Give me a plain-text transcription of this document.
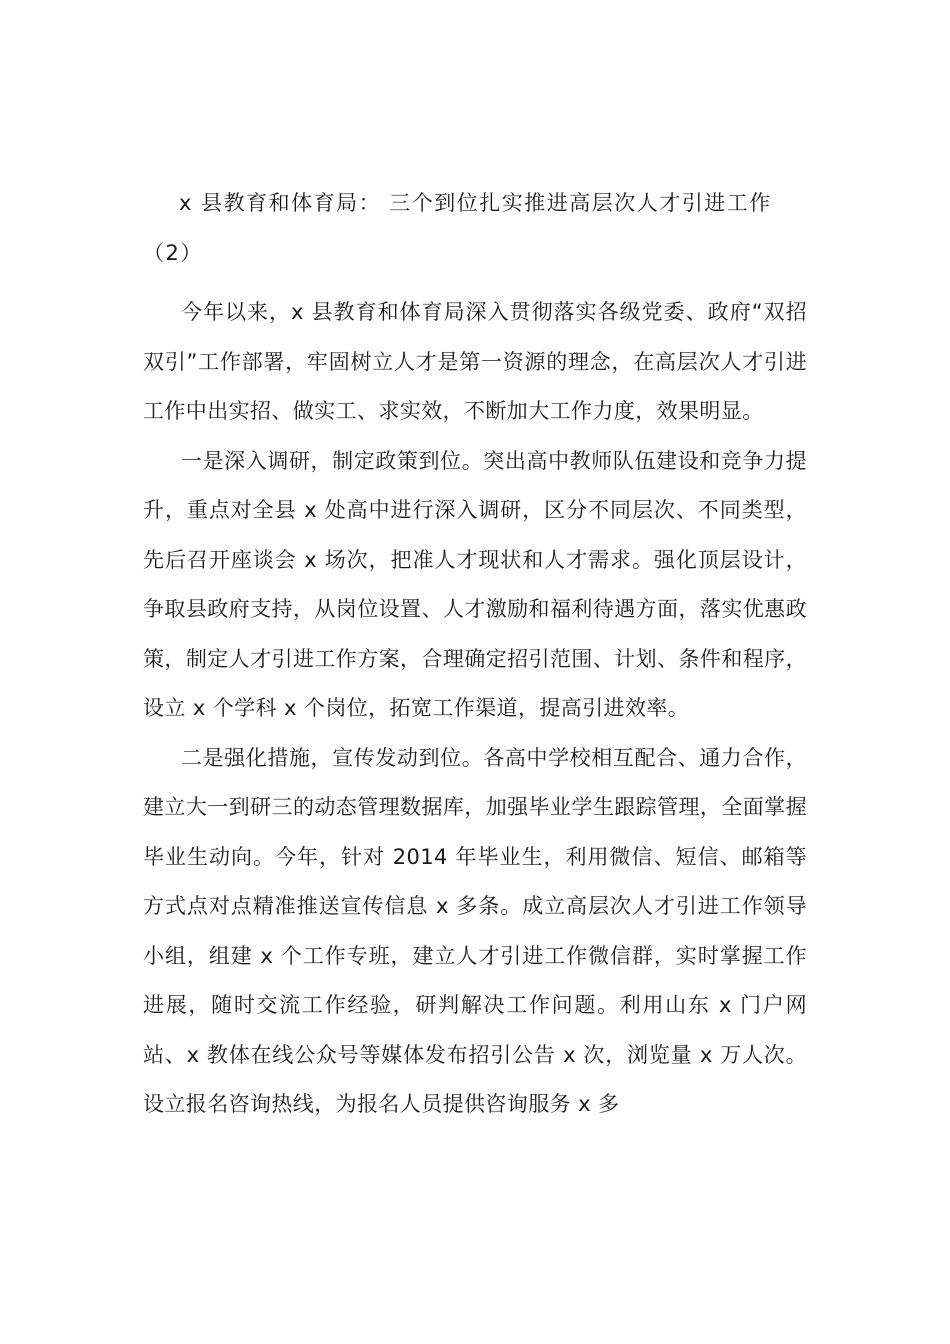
x 县教育和体育局： 三个到位扎实推进高层次人才引进工作（2）

今年以来，x 县教育和体育局深入贯彻落实各级党委、政府“双招双引”工作部署，牢固树立人才是第一资源的理念，在高层次人才引进工作中出实招、做实工、求实效，不断加大工作力度，效果明显。

一是深入调研，制定政策到位。突出高中教师队伍建设和竞争力提升，重点对全县 x 处高中进行深入调研，区分不同层次、不同类型，先后召开座谈会 x 场次，把准人才现状和人才需求。强化顶层设计，争取县政府支持，从岗位设置、人才激励和福利待遇方面，落实优惠政策，制定人才引进工作方案，合理确定招引范围、计划、条件和程序，设立 x 个学科 x 个岗位，拓宽工作渠道，提高引进效率。

二是强化措施，宣传发动到位。各高中学校相互配合、通力合作，建立大一到研三的动态管理数据库，加强毕业学生跟踪管理，全面掌握毕业生动向。今年，针对 2014 年毕业生，利用微信、短信、邮箱等方式点对点精准推送宣传信息 x 多条。成立高层次人才引进工作领导小组，组建 x 个工作专班，建立人才引进工作微信群，实时掌握工作进展，随时交流工作经验，研判解决工作问题。利用山东 x 门户网站、x 教体在线公众号等媒体发布招引公告 x 次，浏览量 x 万人次。设立报名咨询热线，为报名人员提供咨询服务 x 多
